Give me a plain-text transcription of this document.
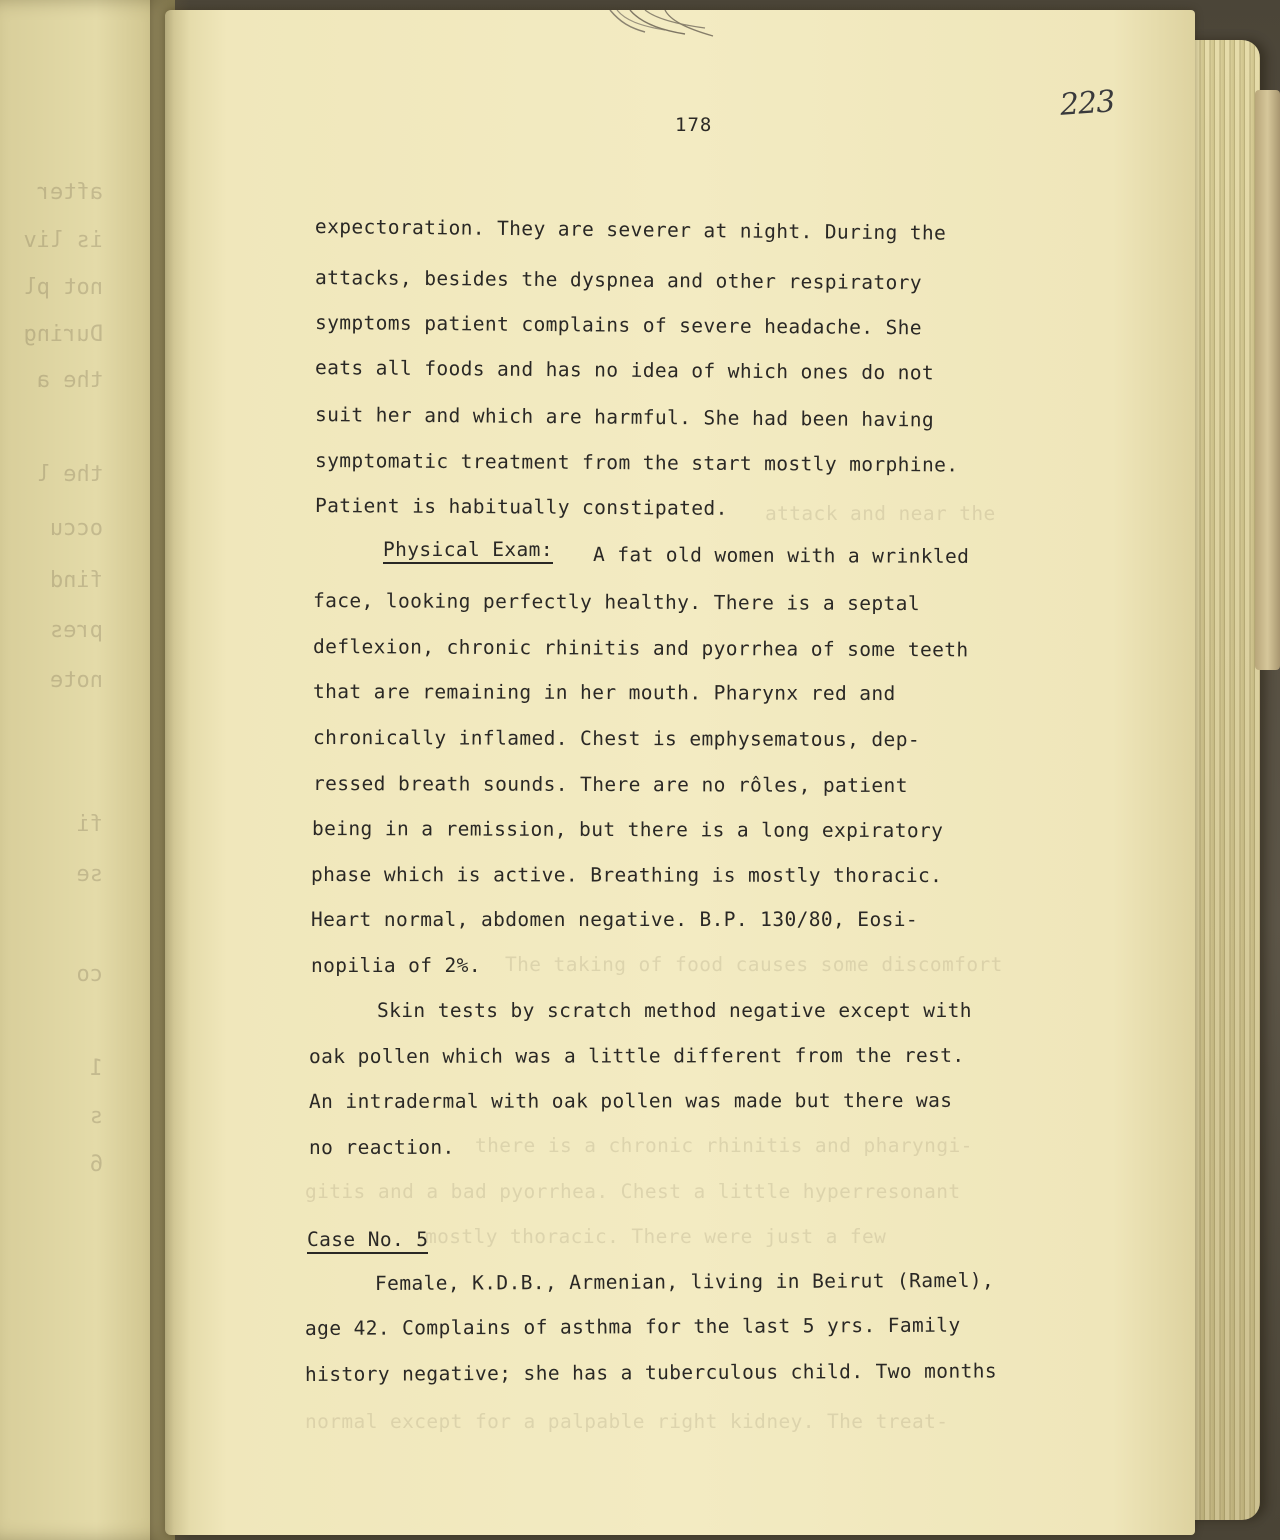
after
is liv
not pl
During
the a
the l
occu
find
pres
note
fi
se
co
1
s
6
178
223
attack and near the
The taking of food causes some discomfort
there is a chronic rhinitis and pharyngi-
gitis and a bad pyorrhea. Chest a little hyperresonant
mostly thoracic. There were just a few
normal except for a palpable right kidney. The treat-
expectoration. They are severer at night. During the
attacks, besides the dyspnea and other respiratory
symptoms patient complains of severe headache. She
eats all foods and has no idea of which ones do not
suit her and which are harmful. She had been having
symptomatic treatment from the start mostly morphine.
Patient is habitually constipated.
Physical Exam: A fat old women with a wrinkled
face, looking perfectly healthy. There is a septal
deflexion, chronic rhinitis and pyorrhea of some teeth
that are remaining in her mouth. Pharynx red and
chronically inflamed. Chest is emphysematous, dep-
ressed breath sounds. There are no rôles, patient
being in a remission, but there is a long expiratory
phase which is active. Breathing is mostly thoracic.
Heart normal, abdomen negative. B.P. 130/80, Eosi-
nopilia of 2%.
Skin tests by scratch method negative except with
oak pollen which was a little different from the rest.
An intradermal with oak pollen was made but there was
no reaction.
Case No. 5
Female, K.D.B., Armenian, living in Beirut (Ramel),
age 42. Complains of asthma for the last 5 yrs. Family
history negative; she has a tuberculous child. Two months
